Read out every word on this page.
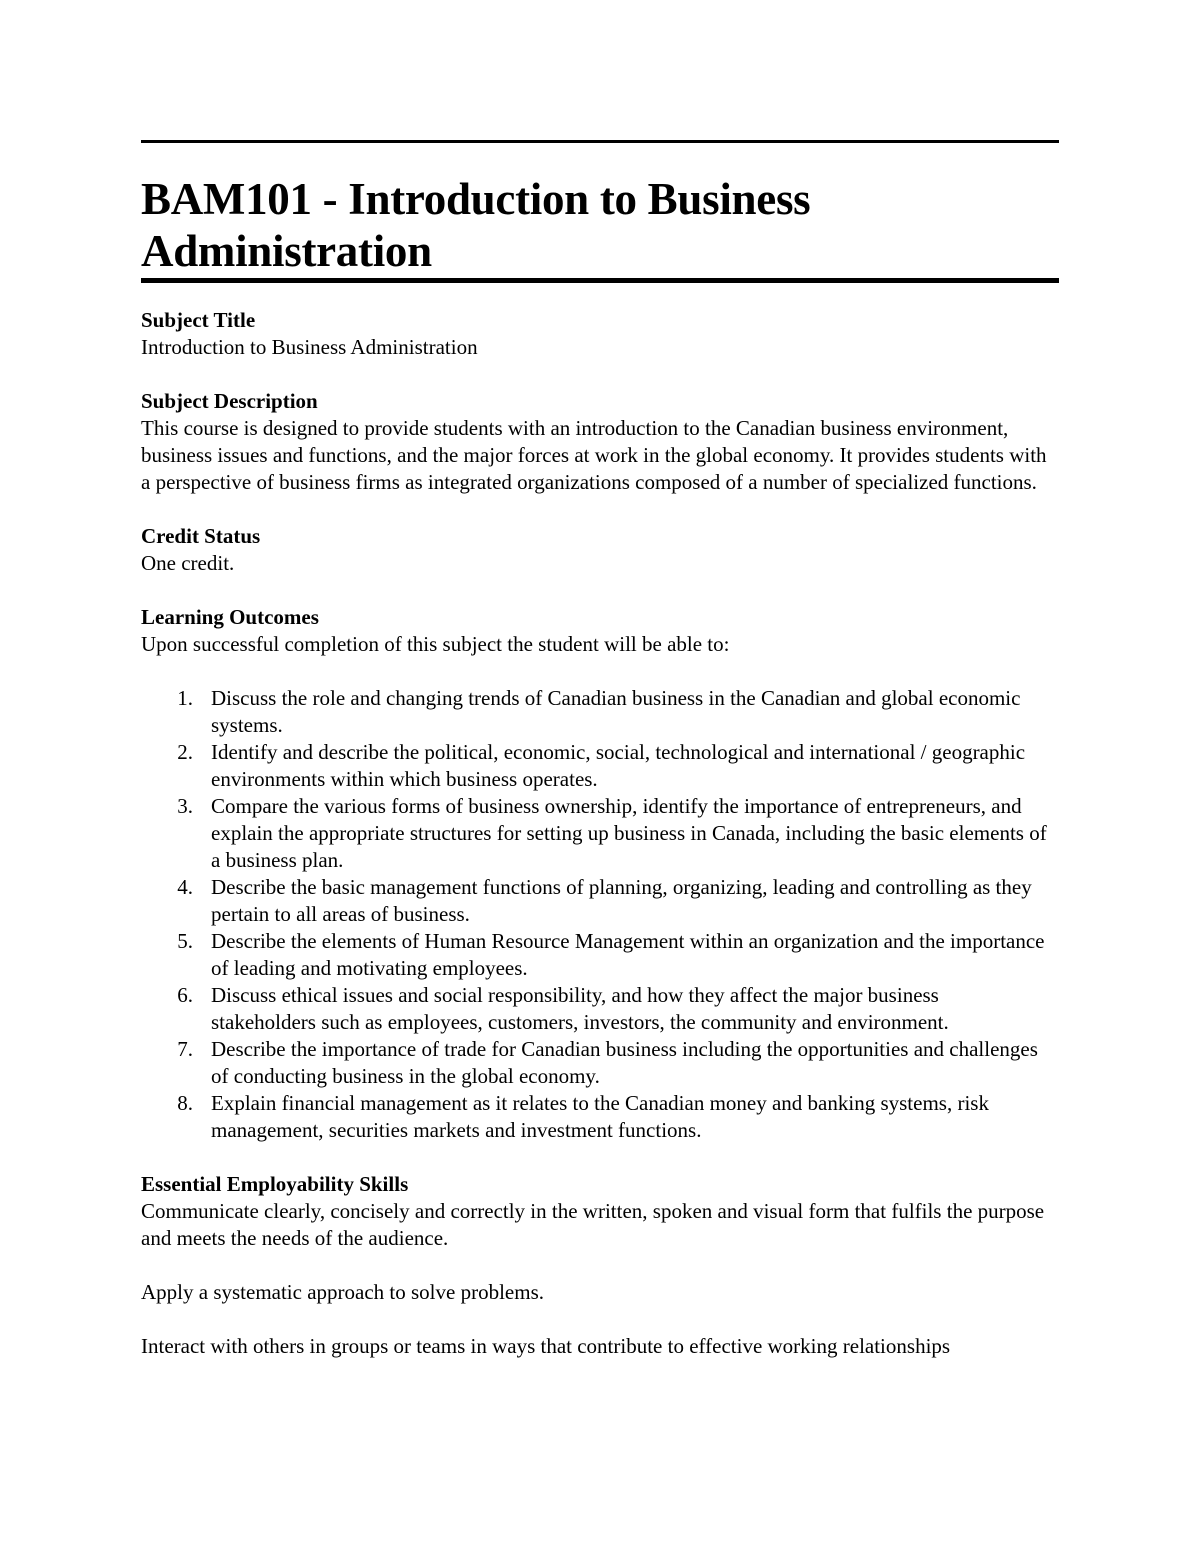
BAM101 - Introduction to Business Administration

Subject Title

Introduction to Business Administration

Subject Description

This course is designed to provide students with an introduction to the Canadian business environment, business issues and functions, and the major forces at work in the global economy. It provides students with a perspective of business firms as integrated organizations composed of a number of specialized functions.

Credit Status

One credit.

Learning Outcomes

Upon successful completion of this subject the student will be able to:

1. Discuss the role and changing trends of Canadian business in the Canadian and global economic systems.
2. Identify and describe the political, economic, social, technological and international / geographic environments within which business operates.
3. Compare the various forms of business ownership, identify the importance of entrepreneurs, and explain the appropriate structures for setting up business in Canada, including the basic elements of a business plan.
4. Describe the basic management functions of planning, organizing, leading and controlling as they pertain to all areas of business.
5. Describe the elements of Human Resource Management within an organization and the importance of leading and motivating employees.
6. Discuss ethical issues and social responsibility, and how they affect the major business stakeholders such as employees, customers, investors, the community and environment.
7. Describe the importance of trade for Canadian business including the opportunities and challenges of conducting business in the global economy.
8. Explain financial management as it relates to the Canadian money and banking systems, risk management, securities markets and investment functions.

Essential Employability Skills

Communicate clearly, concisely and correctly in the written, spoken and visual form that fulfils the purpose and meets the needs of the audience.

Apply a systematic approach to solve problems.

Interact with others in groups or teams in ways that contribute to effective working relationships
